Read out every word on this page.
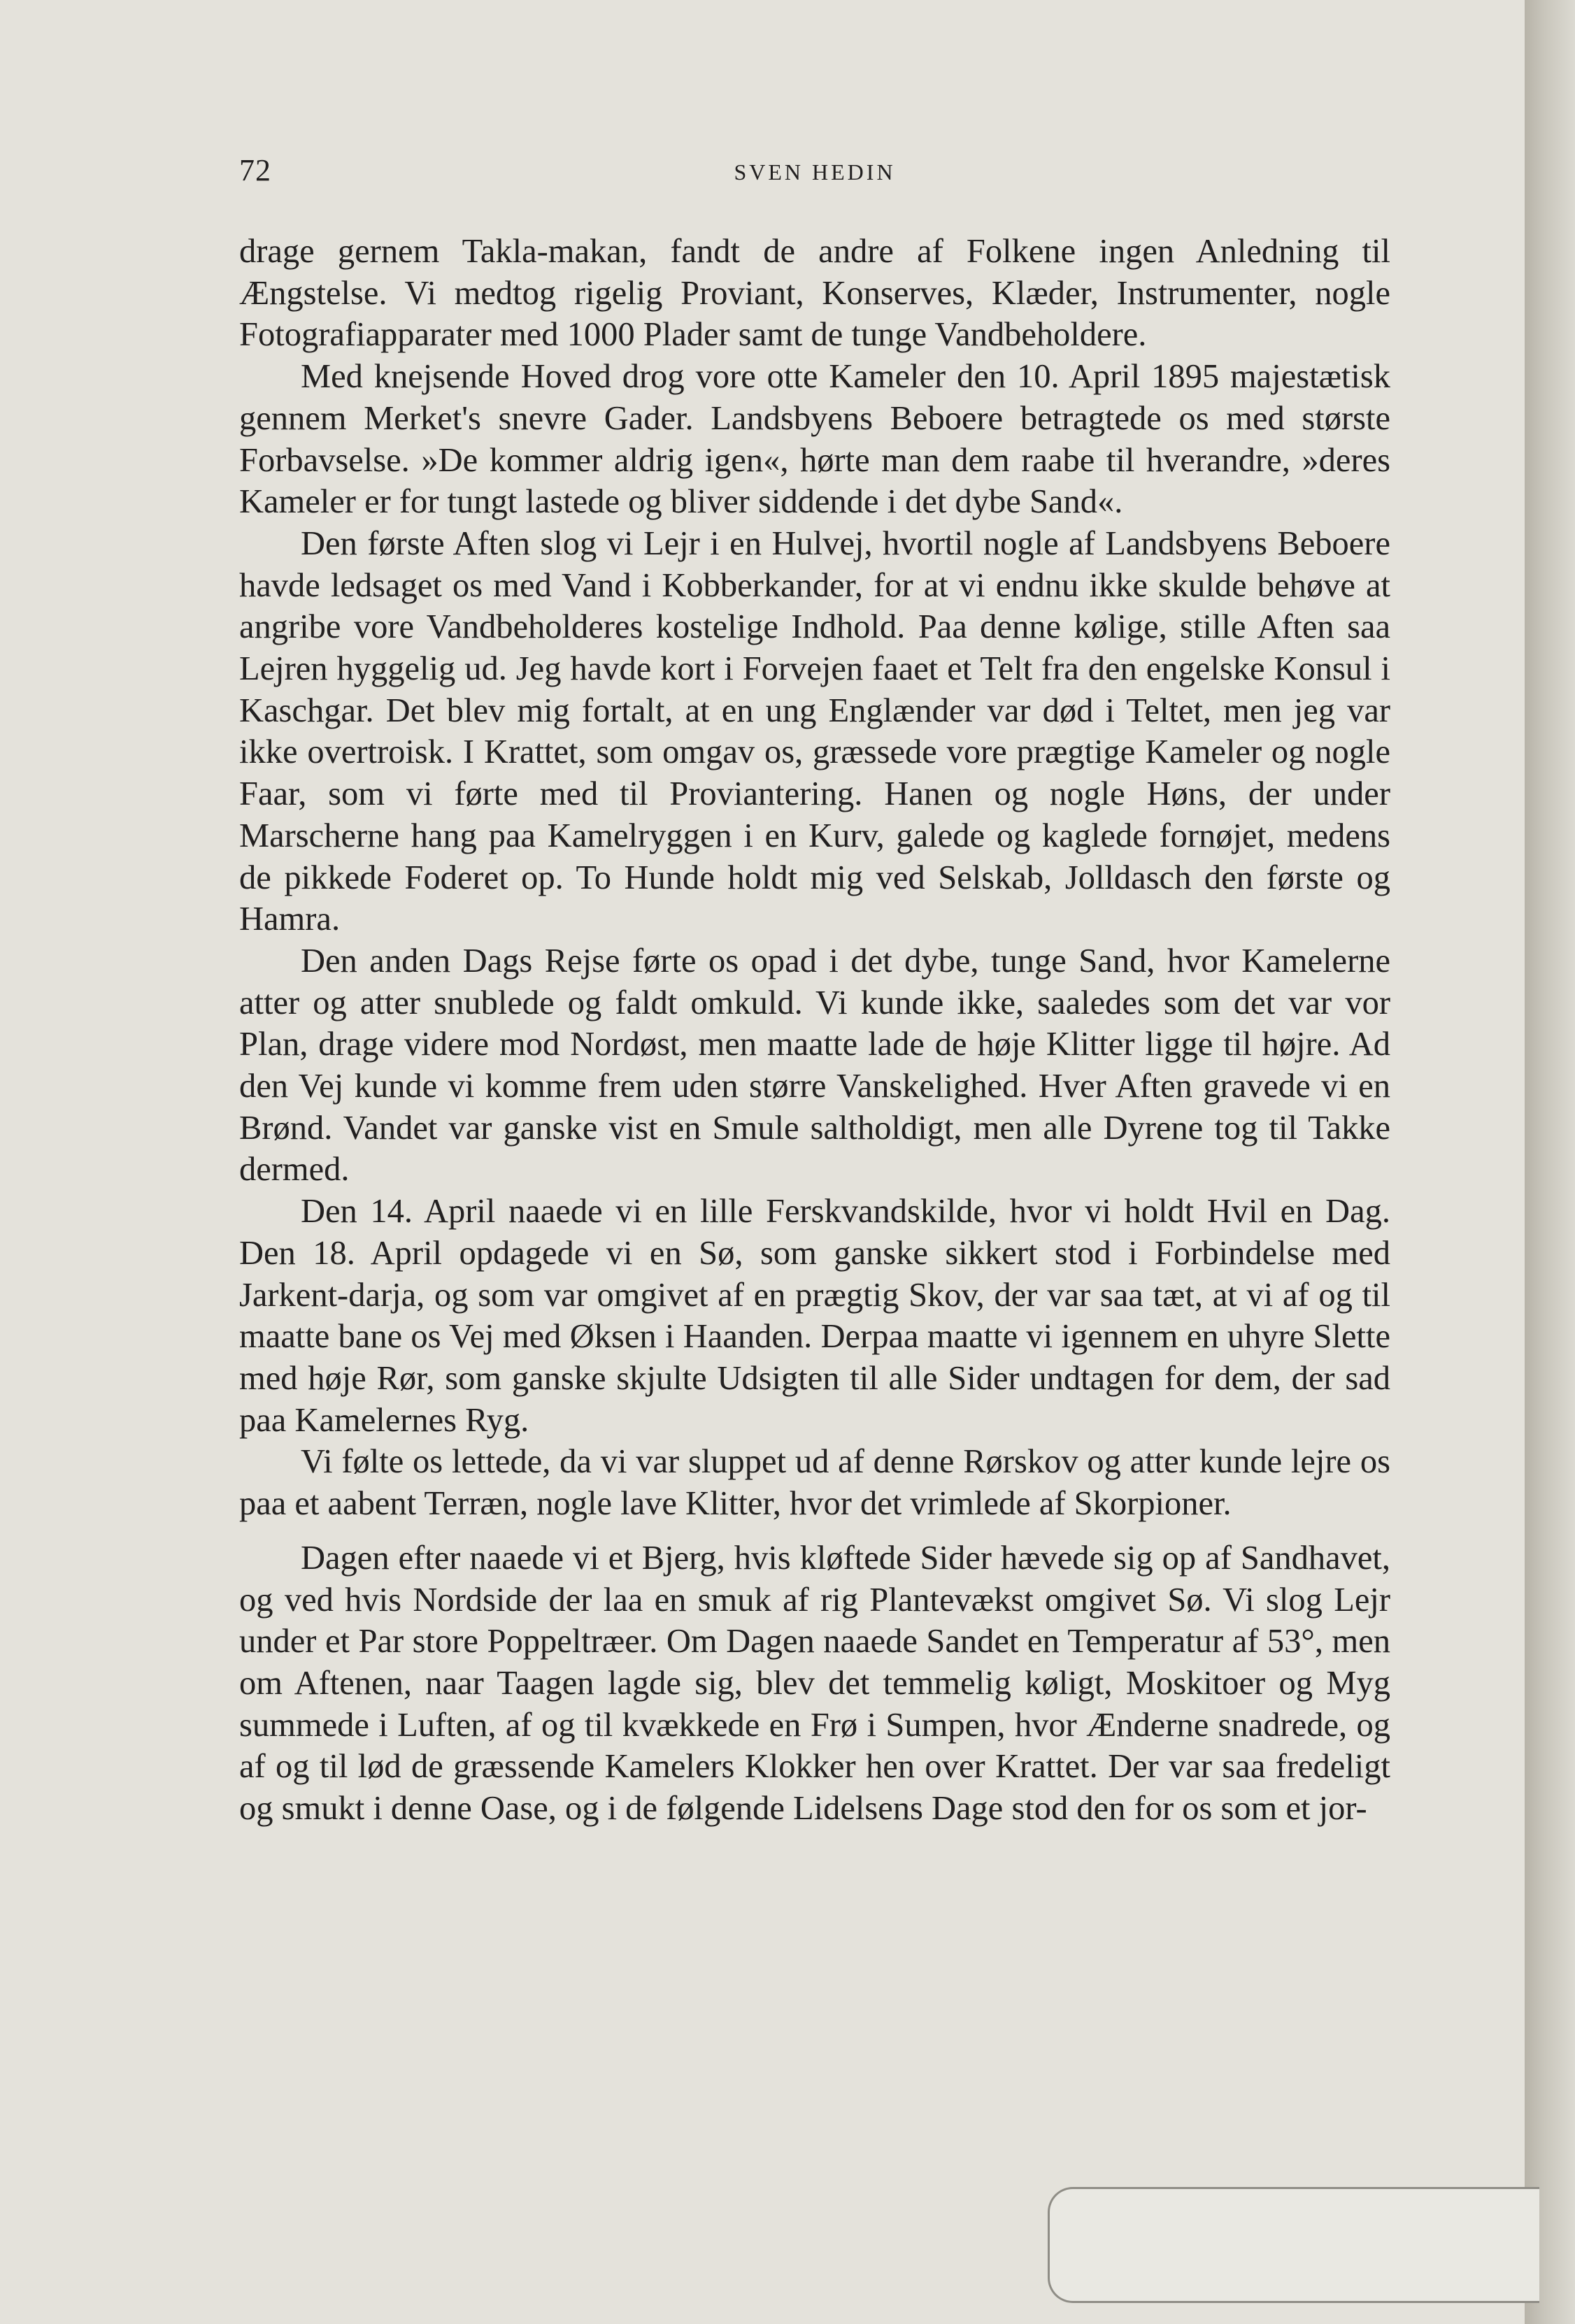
72	SVEN HEDIN

drage gernem Takla-makan, fandt de andre af Folkene ingen Anledning til Ængstelse. Vi medtog rigelig Proviant, Konserves, Klæder, Instrumenter, nogle Fotografiapparater med 1000 Plader samt de tunge Vandbeholdere.

Med knejsende Hoved drog vore otte Kameler den 10. April 1895 majestætisk gennem Merket's snevre Gader. Landsbyens Beboere betragtede os med største Forbavselse. »De kommer aldrig igen«, hørte man dem raabe til hverandre, »deres Kameler er for tungt lastede og bliver siddende i det dybe Sand«.

Den første Aften slog vi Lejr i en Hulvej, hvortil nogle af Landsbyens Beboere havde ledsaget os med Vand i Kobberkander, for at vi endnu ikke skulde behøve at angribe vore Vandbeholderes kostelige Indhold. Paa denne kølige, stille Aften saa Lejren hyggelig ud. Jeg havde kort i Forvejen faaet et Telt fra den engelske Konsul i Kaschgar. Det blev mig fortalt, at en ung Englænder var død i Teltet, men jeg var ikke overtroisk. I Krattet, som omgav os, græssede vore prægtige Kameler og nogle Faar, som vi førte med til Proviantering. Hanen og nogle Høns, der under Marscherne hang paa Kamelryggen i en Kurv, galede og kaglede fornøjet, medens de pikkede Foderet op. To Hunde holdt mig ved Selskab, Jolldasch den første og Hamra.

Den anden Dags Rejse førte os opad i det dybe, tunge Sand, hvor Kamelerne atter og atter snublede og faldt omkuld. Vi kunde ikke, saaledes som det var vor Plan, drage videre mod Nordøst, men maatte lade de høje Klitter ligge til højre. Ad den Vej kunde vi komme frem uden større Vanskelighed. Hver Aften gravede vi en Brønd. Vandet var ganske vist en Smule saltholdigt, men alle Dyrene tog til Takke dermed.

Den 14. April naaede vi en lille Ferskvandskilde, hvor vi holdt Hvil en Dag. Den 18. April opdagede vi en Sø, som ganske sikkert stod i Forbindelse med Jarkent-darja, og som var omgivet af en prægtig Skov, der var saa tæt, at vi af og til maatte bane os Vej med Øksen i Haanden. Derpaa maatte vi igennem en uhyre Slette med høje Rør, som ganske skjulte Udsigten til alle Sider undtagen for dem, der sad paa Kamelernes Ryg.

Vi følte os lettede, da vi var sluppet ud af denne Rørskov og atter kunde lejre os paa et aabent Terræn, nogle lave Klitter, hvor det vrimlede af Skorpioner.

Dagen efter naaede vi et Bjerg, hvis kløftede Sider hævede sig op af Sandhavet, og ved hvis Nordside der laa en smuk af rig Plantevækst omgivet Sø. Vi slog Lejr under et Par store Poppeltræer. Om Dagen naaede Sandet en Temperatur af 53°, men om Aftenen, naar Taagen lagde sig, blev det temmelig køligt, Moskitoer og Myg summede i Luften, af og til kvækkede en Frø i Sumpen, hvor Ænderne snadrede, og af og til lød de græssende Kamelers Klokker hen over Krattet. Der var saa fredeligt og smukt i denne Oase, og i de følgende Lidelsens Dage stod den for os som et jor-
